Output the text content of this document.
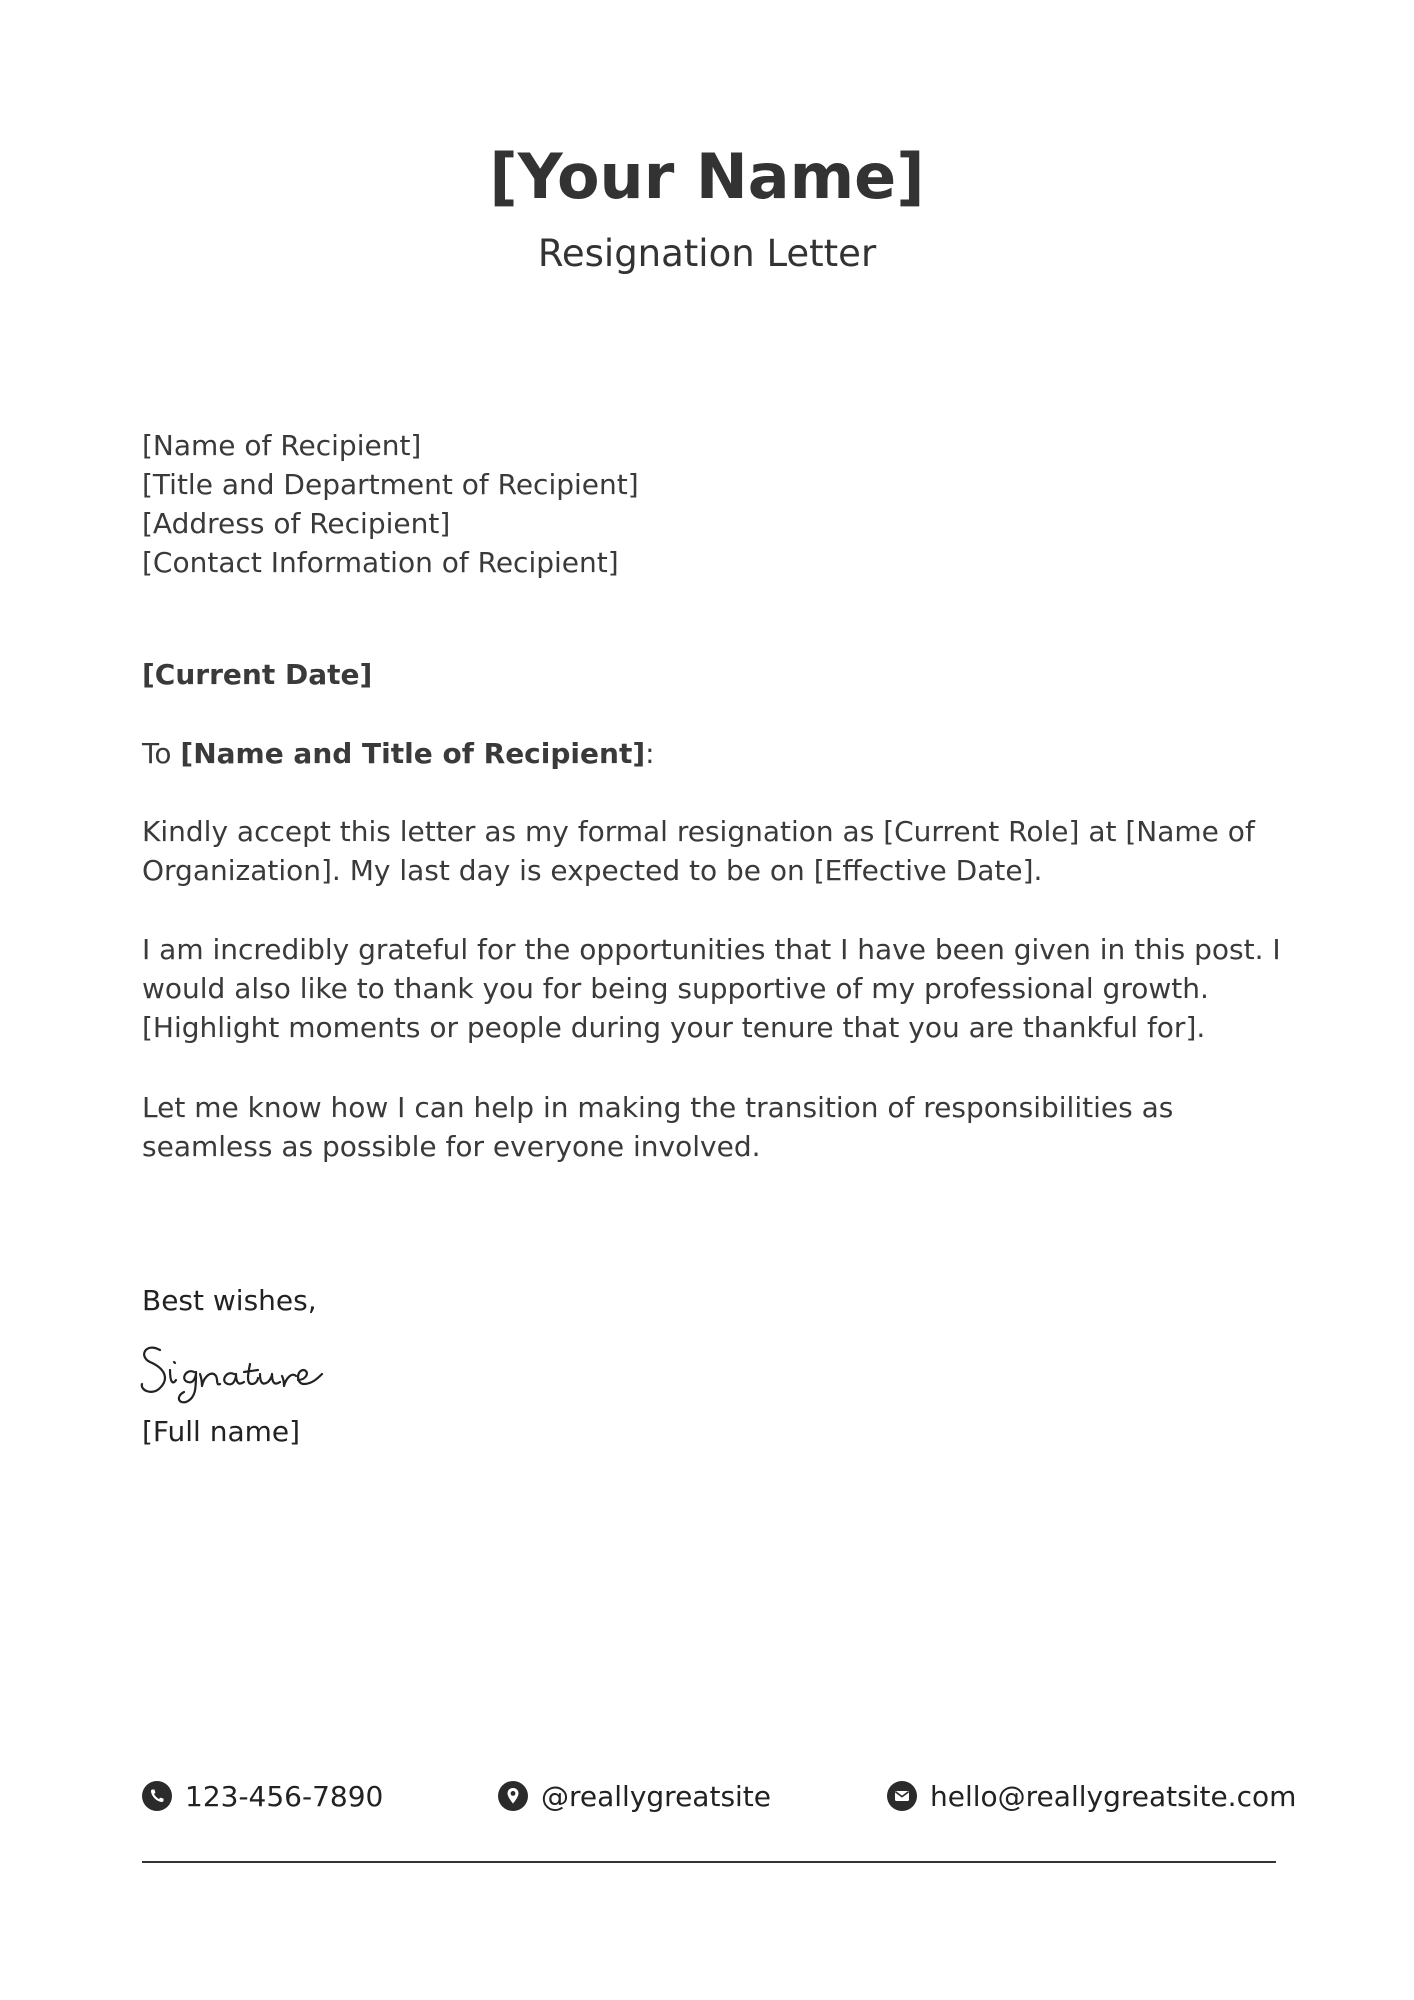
[Your Name]
Resignation Letter
[Name of Recipient]
[Title and Department of Recipient]
[Address of Recipient]
[Contact Information of Recipient]
[Current Date]
To [Name and Title of Recipient]:

Kindly accept this letter as my formal resignation as [Current Role] at [Name of Organization]. My last day is expected to be on [Effective Date].

I am incredibly grateful for the opportunities that I have been given in this post. I would also like to thank you for being supportive of my professional growth. [Highlight moments or people during your tenure that you are thankful for].

Let me know how I can help in making the transition of responsibilities as seamless as possible for everyone involved.

Best wishes,
[Full name]
123-456-7890	@reallygreatsite	hello@reallygreatsite.com
